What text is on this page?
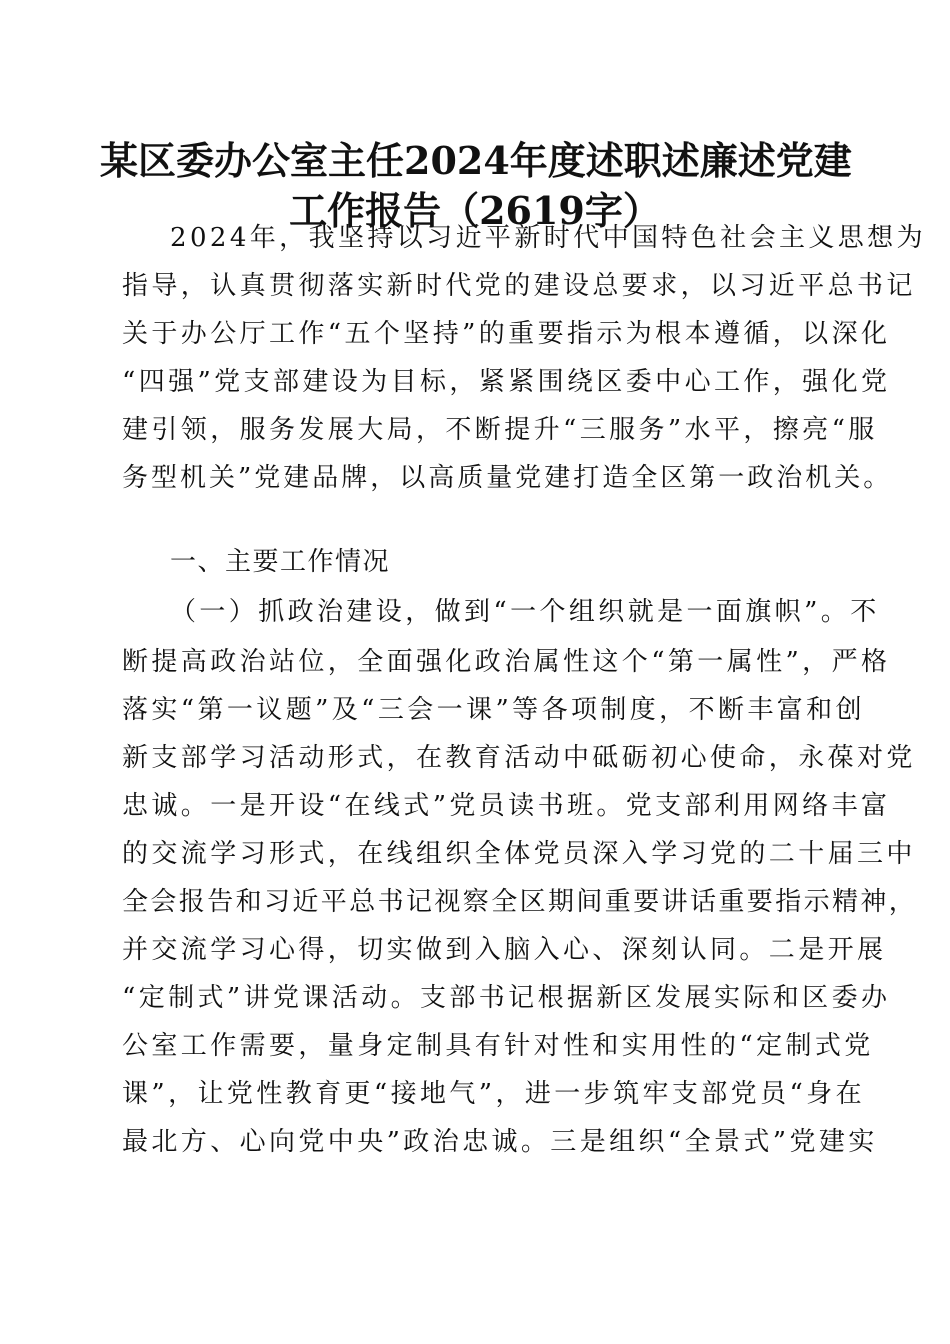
某区委办公室主任2024年度述职述廉述党建
工作报告（2619字）
2024年，我坚持以习近平新时代中国特色社会主义思想为
指导，认真贯彻落实新时代党的建设总要求，以习近平总书记
关于办公厅工作“五个坚持”的重要指示为根本遵循，以深化
“四强”党支部建设为目标，紧紧围绕区委中心工作，强化党
建引领，服务发展大局，不断提升“三服务”水平，擦亮“服
务型机关”党建品牌，以高质量党建打造全区第一政治机关。
一、主要工作情况
（一）抓政治建设，做到“一个组织就是一面旗帜”。不
断提高政治站位，全面强化政治属性这个“第一属性”，严格
落实“第一议题”及“三会一课”等各项制度，不断丰富和创
新支部学习活动形式，在教育活动中砥砺初心使命，永葆对党
忠诚。一是开设“在线式”党员读书班。党支部利用网络丰富
的交流学习形式，在线组织全体党员深入学习党的二十届三中
全会报告和习近平总书记视察全区期间重要讲话重要指示精神，
并交流学习心得，切实做到入脑入心、深刻认同。二是开展
“定制式”讲党课活动。支部书记根据新区发展实际和区委办
公室工作需要，量身定制具有针对性和实用性的“定制式党
课”，让党性教育更“接地气”，进一步筑牢支部党员“身在
最北方、心向党中央”政治忠诚。三是组织“全景式”党建实
